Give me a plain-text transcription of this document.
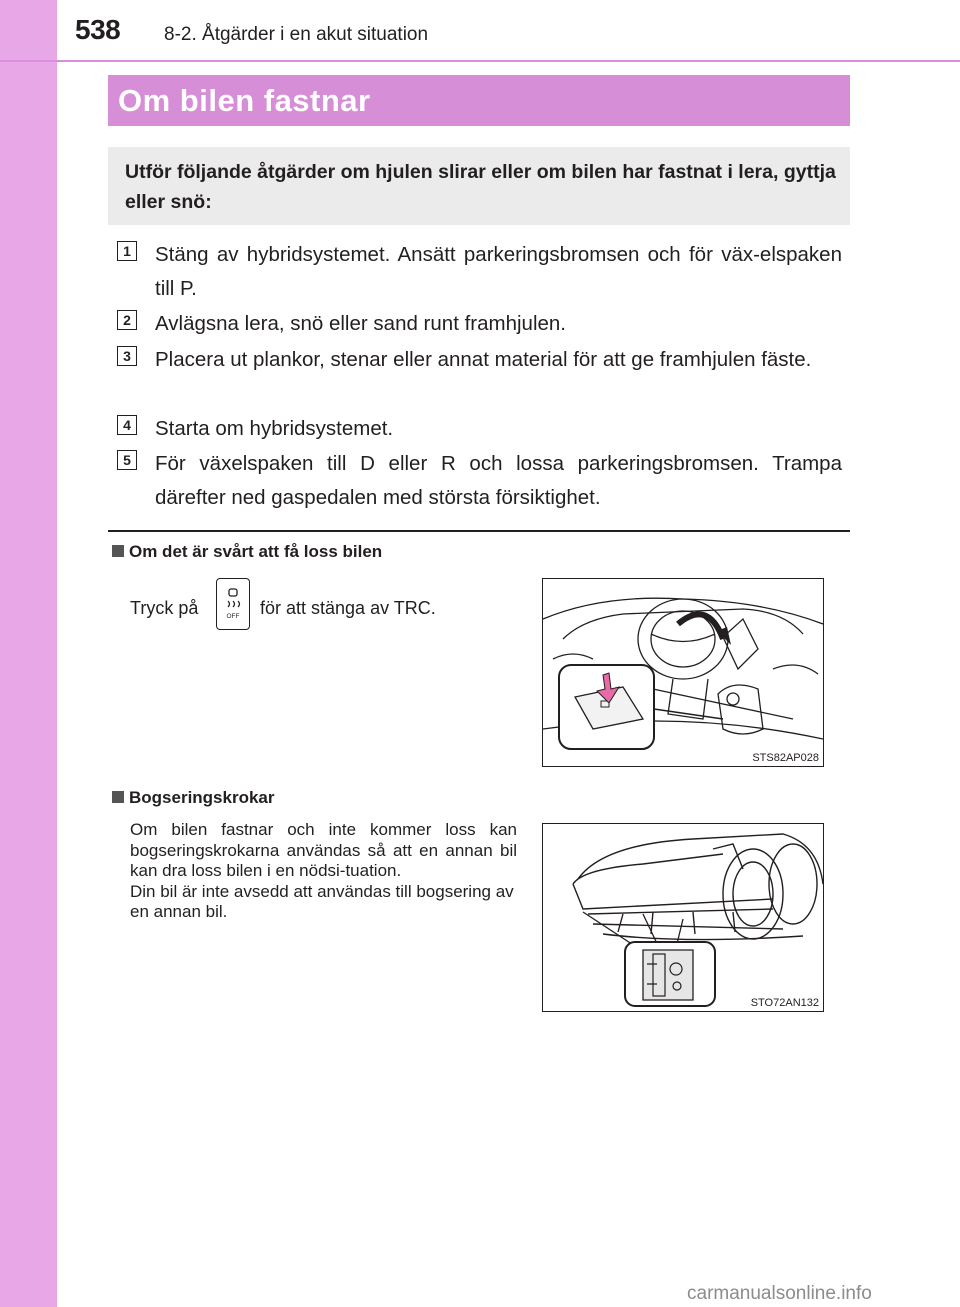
538 8-2. Åtgärder i en akut situation
Om bilen fastnar
Utför följande åtgärder om hjulen slirar eller om bilen har fastnat i lera, gyttja eller snö:
1 Stäng av hybridsystemet. Ansätt parkeringsbromsen och för väx-elspaken till P.
2 Avlägsna lera, snö eller sand runt framhjulen.
3 Placera ut plankor, stenar eller annat material för att ge framhjulen fäste.
4 Starta om hybridsystemet.
5 För växelspaken till D eller R och lossa parkeringsbromsen. Trampa därefter ned gaspedalen med största försiktighet.
Om det är svårt att få loss bilen
Tryck på	OFF för att stänga av TRC.
STS82AP028
Bogseringskrokar

Om bilen fastnar och inte kommer loss kan bogseringskrokarna användas så att en annan bil kan dra loss bilen i en nödsi-tuation.

Din bil är inte avsedd att användas till bogsering av en annan bil.

STO72AN132
carmanualsonline.info
